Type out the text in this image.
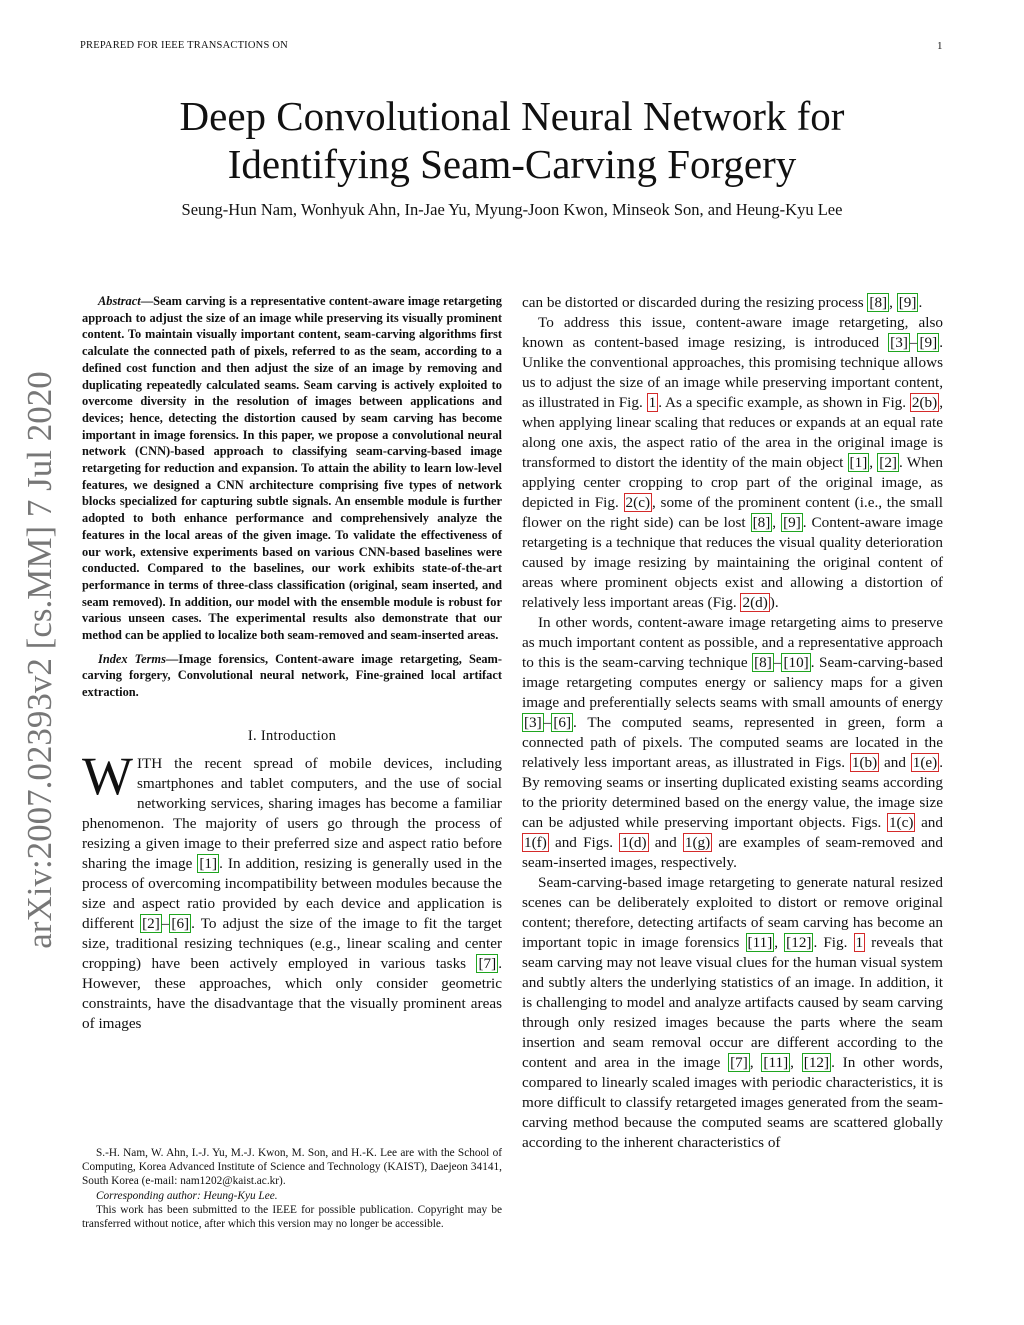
PREPARED FOR IEEE TRANSACTIONS ON	1
arXiv:2007.02393v2 [cs.MM] 7 Jul 2020
Deep Convolutional Neural Network for
Identifying Seam-Carving Forgery
Seung-Hun Nam, Wonhyuk Ahn, In-Jae Yu, Myung-Joon Kwon, Minseok Son, and Heung-Kyu Lee

Abstract—Seam carving is a representative content-aware image retargeting approach to adjust the size of an image while preserving its visually prominent content. To maintain visually important content, seam-carving algorithms first calculate the connected path of pixels, referred to as the seam, according to a defined cost function and then adjust the size of an image by removing and duplicating repeatedly calculated seams. Seam carving is actively exploited to overcome diversity in the resolution of images between applications and devices; hence, detecting the distortion caused by seam carving has become important in image forensics. In this paper, we propose a convolutional neural network (CNN)-based approach to classifying seam-carving-based image retargeting for reduction and expansion. To attain the ability to learn low-level features, we designed a CNN architecture comprising five types of network blocks specialized for capturing subtle signals. An ensemble module is further adopted to both enhance performance and comprehensively analyze the features in the local areas of the given image. To validate the effectiveness of our work, extensive experiments based on various CNN-based baselines were conducted. Compared to the baselines, our work exhibits state-of-the-art performance in terms of three-class classification (original, seam inserted, and seam removed). In addition, our model with the ensemble module is robust for various unseen cases. The experimental results also demonstrate that our method can be applied to localize both seam-removed and seam-inserted areas.

Index Terms—Image forensics, Content-aware image retargeting, Seam-carving forgery, Convolutional neural network, Fine-grained local artifact extraction.

I. Introduction

WITH the recent spread of mobile devices, including smartphones and tablet computers, and the use of social networking services, sharing images has become a familiar phenomenon. The majority of users go through the process of resizing a given image to their preferred size and aspect ratio before sharing the image [1] . In addition, resizing is generally used in the process of overcoming incompatibility between modules because the size and aspect ratio provided by each device and application is different [2] – [6] . To adjust the size of the image to fit the target size, traditional resizing techniques (e.g., linear scaling and center cropping) have been actively employed in various tasks [7] . However, these approaches, which only consider geometric constraints, have the disadvantage that the visually prominent areas of images

S.-H. Nam, W. Ahn, I.-J. Yu, M.-J. Kwon, M. Son, and H.-K. Lee are with the School of Computing, Korea Advanced Institute of Science and Technology (KAIST), Daejeon 34141, South Korea (e-mail: nam1202@kaist.ac.kr).

Corresponding author: Heung-Kyu Lee.

This work has been submitted to the IEEE for possible publication. Copyright may be transferred without notice, after which this version may no longer be accessible.

can be distorted or discarded during the resizing process [8] , [9] .

To address this issue, content-aware image retargeting, also known as content-based image resizing, is introduced [3] – [9] . Unlike the conventional approaches, this promising technique allows us to adjust the size of an image while preserving important content, as illustrated in Fig. 1 . As a specific example, as shown in Fig. 2(b) , when applying linear scaling that reduces or expands at an equal rate along one axis, the aspect ratio of the area in the original image is transformed to distort the identity of the main object [1] , [2] . When applying center cropping to crop part of the original image, as depicted in Fig. 2(c) , some of the prominent content (i.e., the small flower on the right side) can be lost [8] , [9] . Content-aware image retargeting is a technique that reduces the visual quality deterioration caused by image resizing by maintaining the original content of areas where prominent objects exist and allowing a distortion of relatively less important areas (Fig. 2(d) ).

In other words, content-aware image retargeting aims to preserve as much important content as possible, and a representative approach to this is the seam-carving technique [8] – [10] . Seam-carving-based image retargeting computes energy or saliency maps for a given image and preferentially selects seams with small amounts of energy [3] – [6] . The computed seams, represented in green, form a connected path of pixels. The computed seams are located in the relatively less important areas, as illustrated in Figs. 1(b) and 1(e) . By removing seams or inserting duplicated existing seams according to the priority determined based on the energy value, the image size can be adjusted while preserving important objects. Figs. 1(c) and 1(f) and Figs. 1(d) and 1(g) are examples of seam-removed and seam-inserted images, respectively.

Seam-carving-based image retargeting to generate natural resized scenes can be deliberately exploited to distort or remove original content; therefore, detecting artifacts of seam carving has become an important topic in image forensics [11] , [12] . Fig. 1 reveals that seam carving may not leave visual clues for the human visual system and subtly alters the underlying statistics of an image. In addition, it is challenging to model and analyze artifacts caused by seam carving through only resized images because the parts where the seam insertion and seam removal occur are different according to the content and area in the image [7] , [11] , [12] . In other words, compared to linearly scaled images with periodic characteristics, it is more difficult to classify retargeted images generated from the seam-carving method because the computed seams are scattered globally according to the inherent characteristics of
